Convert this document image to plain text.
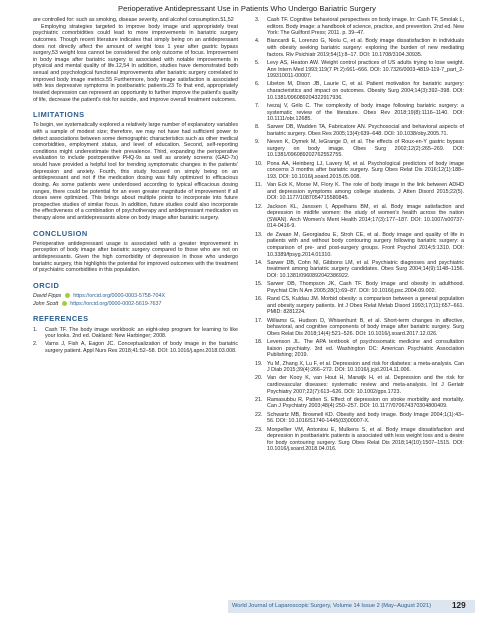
Perioperative Antidepressant Use in Patients Who Undergo Bariatric Surgery

are controlled for: such as smoking, disease severity, and alcohol consumption.51,52

Employing strategies targeted to improve body image and appropriately treat psychiatric comorbidities could lead to more improvements in bariatric surgery outcomes. Though recent literature indicates that simply being on an antidepressant does not directly affect the amount of weight loss 1 year after gastric bypass surgery,53 weight loss cannot be considered the only outcome of focus. Improvement in body image after bariatric surgery is associated with notable improvements in physical and mental quality of life.12,54 In addition, studies have demonstrated both sexual and psychological functional improvements after bariatric surgery correlated to improved body image metrics.55 Furthermore, body image satisfaction is associated with less depressive symptoms in postbariatric patients.23 To that end, appropriately treated depression can represent an opportunity to further improve the patient's quality of life, decrease the patient's risk for suicide, and improve overall treatment outcomes.

LIMITATIONS

To begin, we systematically explored a relatively large number of explanatory variables with a sample of modest size; therefore, we may not have had sufficient power to detect associations between some demographic characteristics such as other medical comorbidities, employment status, and level of education. Second, self-reporting conditions might underestimate their prevalence. Third, expanding the perioperative evaluation to include postoperative PHQ-9s as well as anxiety screens (GAD-7s) would have provided a helpful tool for trending symptomatic changes in the patients' depression and anxiety. Fourth, this study focused on simply being on an antidepressant and not if the medication dosing was fully optimized to efficacious dosing. As some patients were underdosed according to typical efficacious dosing ranges, there could be potential for an even greater magnitude of improvement if all doses were optimized. This brings about multiple points to incorporate into future prospective studies of similar focus. In addition, future studies could also incorporate the effectiveness of a combination of psychotherapy and antidepressant medication vs therapy alone and antidepressants alone on body image after bariatric surgery.

CONCLUSION

Perioperative antidepressant usage is associated with a greater improvement in perception of body image after bariatric surgery compared to those who are not on antidepressants. Given the high comorbidity of depression in those who undergo bariatric surgery, this highlights the potential for improved outcomes with the treatment of psychiatric comorbidities in this population.

ORCID
David Fipps https://orcid.org/0000-0003-5758-704X
John Scott https://orcid.org/0000-0002-5619-7637
REFERENCES
1. Cash TF. The body image workbook: an eight-step program for learning to like your looks. 2nd ed. Oakland: New Harbinger; 2008.
2. Varns J, Fish A, Eagon JC. Conceptualization of body image in the bariatric surgery patient. Appl Nurs Res 2018;41:52–58. DOI: 10.1016/j.apnr.2018.03.008.
3. Cash TF. Cognitive behavioral perspectives on body image. In: Cash TF, Smolak L, editors. Body image: a handbook of science, practice, and prevention. 2nd ed. New York: The Guilford Press; 2011. p. 39–47.
4. Biancardi E, Lorenzo G, Niolu C, et al. Body image dissatisfaction in individuals with obesity seeking bariatric surgery: exploring the burden of new mediating factors. Riv Psichiatr 2019;54(1):8–17. DOI: 10.1708/3104.30935.
5. Levy AS, Heaton AW. Weight control practices of US adults trying to lose weight. Ann Intern Med 1993;119(7 Pt 2):661–666. DOI: 10.7326/0003-4819-119-7_part_2-199310011-00007.
6. Libeton M, Dixon JB, Laurie C, et al. Patient motivation for bariatric surgery: characteristics and impact on outcomes. Obesity Surg 2004;14(3):392–398. DOI: 10.1381/096089204322917936.
7. Ivezaj V, Grilo C. The complexity of body image following bariatric surgery: a systematic review of the literature. Obes Rev 2018;19(8):1116–1140. DOI: 10.1111/obr.12685.
8. Sarwer DB, Wadden TA, Fabricatore AN. Psychosocial and behavioral aspects of bariatric surgery. Obes Res 2005;13(4):639–648. DOI: 10.1038/oby.2005.71.
9. Neven K, Dymek M, leGrange D, et al. The effects of Roux-en-Y gastric bypass surgery on body image. Obes Surg 2002;12(2):265–269. DOI: 10.1381/096089202762552755.
10. Pona AA, Heinberg LJ, Lavery M, et al. Psychological predictors of body image concerns 3 months after bariatric surgery. Surg Obes Relat Dis 2016;12(1):188–193. DOI: 10.1016/j.soard.2015.05.008.
11. Van Eck K, Morse M, Flory K. The role of body image in the link between ADHD and depression symptoms among college students. J Atten Disord 2015;22(5). DOI: 10.1177/1087054715580845.
12. Jackson KL, Janssen I, Appelhans BM, et al. Body image satisfaction and depression in midlife women: the study of women's health across the nation (SWAN). Arch Women's Ment Health 2014;17(3):177–187. DOI: 10.1007/s00737-014-0416-9.
13. de Zwaan M, Georgiadou E, Stroh CE, et al. Body image and quality of life in patients with and without body contouring surgery following bariatric surgery: a comparison of pre- and post-surgery groups. Front Psychol 2014;5:1310. DOI: 10.3389/fpsyg.2014.01310.
14. Sarwer DB, Cohn NI, Gibbons LM, et al. Psychiatric diagnoses and psychiatric treatment among bariatric surgery candidates. Obes Surg 2004;14(9):1148–1156. DOI: 10.1381/0960892042386922.
15. Sarwer DB, Thompson JK, Cash TF. Body image and obesity in adulthood. Psychiat Clin N Am 2005;28(1):69–87. DOI: 10.1016/j.psc.2004.09.002.
16. Rand CS, Kuldau JM. Morbid obesity: a comparison between a general population and obesity surgery patients. Int J Obes Relat Metab Disord 1993;17(11):657–661. PMID: 8281224.
17. Williams G, Hudson D, Whisenhunt B, et al. Short-term changes in affective, behavioral, and cognitive components of body image after bariatric surgery. Surg Obes Relat Dis 2018;14(4):521–526. DOI: 10.1016/j.soard.2017.12.026.
18. Levenson JL. The APA textbook of psychosomatic medicine and consultation liaison psychiatry. 3rd ed. Washington DC: American Psychiatric Association Publishing; 2019.
19. Yu M, Zhang X, Lu F, et al. Depression and risk for diabetes: a meta-analysis. Can J Diab 2015;39(4):266–272. DOI: 10.1016/j.jcjd.2014.11.006.
20. Van der Kooy K, van Hout H, Marwijk H, et al. Depression and the risk for cardiovascular diseases: systematic review and meta-analysis. Int J Geriatr Psychiatry 2007;22(7):613–626. DOI: 10.1002/gps.1723.
21. Ramasubbu R, Patten S. Effect of depression on stroke morbidity and mortality. Can J Psychiatry 2003;48(4):250–257. DOI: 10.1177/070674370304800409.
22. Schwartz MB, Brownell KD. Obesity and body image. Body Image 2004;1(1):43–56. DOI: 10.1016/S1740-1445(03)00007-X.
23. Monpellier VM, Antoniou E, Mulkens S, et al. Body image dissatisfaction and depression in postbariatric patients is associated with less weight loss and a desire for body contouring surgery. Surg Obes Relat Dis 2018;14(10):1507–1515. DOI: 10.1016/j.soard.2018.04.016.
World Journal of Laparoscopic Surgery, Volume 14 Issue 2 (May–August 2021)	129
